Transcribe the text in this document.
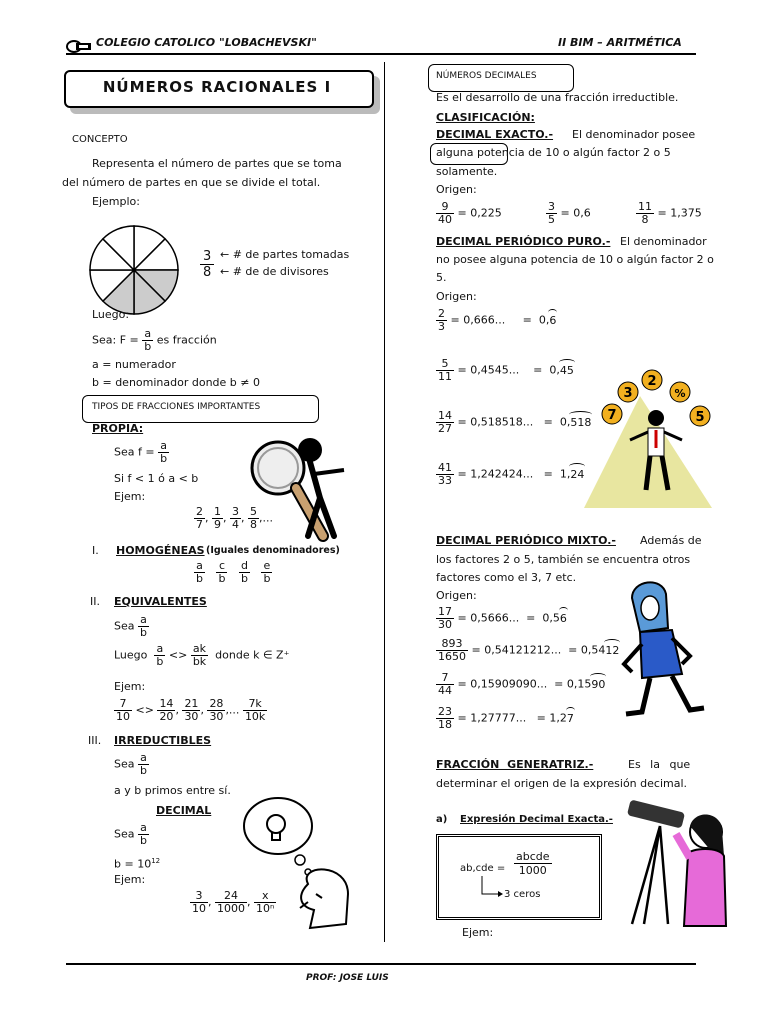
COLEGIO CATOLICO "LOBACHEVSKI"	II BIM – ARITMÉTICA
NÚMEROS RACIONALES I
CONCEPTO
Representa el número de partes que se toma
del número de partes en que se divide el total.
Ejemplo:
3
8
← # de partes tomadas
← # de de divisores
Luego:
Sea: $F = \frac{a}{b}$ es fracción
a = numerador
b = denominador donde b ≠ 0
TIPOS DE FRACCIONES IMPORTANTES
PROPIA:
Sea $f = \frac{a}{b}$
Si f < 1 ó a < b
Ejem:
$\frac{2}{7}$ , $\frac{1}{9}$ , $\frac{3}{4}$ , $\frac{5}{8}$ ,...
I. HOMOGÉNEAS (Iguales denominadores)
$\frac{a}{b}$
$\frac{c}{b}$
$\frac{d}{b}$
$\frac{e}{b}$
II. EQUIVALENTES
Sea $\frac{a}{b}$
Luego $\frac{a}{b} <> \frac{ak}{bk}$ donde k ∈ Z⁺
Ejem:
$\frac{7}{10} <> \frac{14}{20}$ , $\frac{21}{30}$ , $\frac{28}{30}$ ,... $\frac{7k}{10k}$
III. IRREDUCTIBLES
Sea $\frac{a}{b}$
a y b primos entre sí.
DECIMAL
Sea $\frac{a}{b}$
$b = 10^{12}$
Ejem:
$\frac{3}{10}$ , $\frac{24}{1000}$ , $\frac{x}{\text{10ⁿ}}$
NÚMEROS DECIMALES
Es el desarrollo de una fracción irreductible.
CLASIFICACIÓN:
DECIMAL EXACTO.- El denominador posee
alguna potencia de 10 o algún factor 2 o 5
solamente.
Origen:
$\frac{9}{40} = 0,225$	$\frac{3}{5} = 0,6$	$\frac{11}{8} = 1,375$
DECIMAL PERIÓDICO PURO.- El denominador
no posee alguna potencia de 10 o algún factor 2 o
5.
Origen:
$\frac{2}{3} = 0,666$...     =  0,6
$\frac{5}{11} = 0,4545$...    =  0,45
$\frac{14}{27} = 0,518518$...   =  0,518
$\frac{41}{33} = 1,242424$...   =  1,24
7
3
2
%
5
DECIMAL PERIÓDICO MIXTO.- Además de
los factores 2 o 5, también se encuentra otros
factores como el 3, 7 etc.
Origen:
$\frac{17}{30} = 0,5666$...  =  0,56
$\frac{893}{1650} = 0,54121212$...  = 0,5412
$\frac{7}{44} = 0,15909090$...  = 0,1590
$\frac{23}{18} = 1,27777$...   = 1,27
FRACCIÓN GENERATRIZ.-	Es la que
determinar el origen de la expresión decimal.
a) Expresión Decimal Exacta.-
ab,cde =
abcde
1000
3 ceros
Ejem:
PROF: JOSE LUIS
